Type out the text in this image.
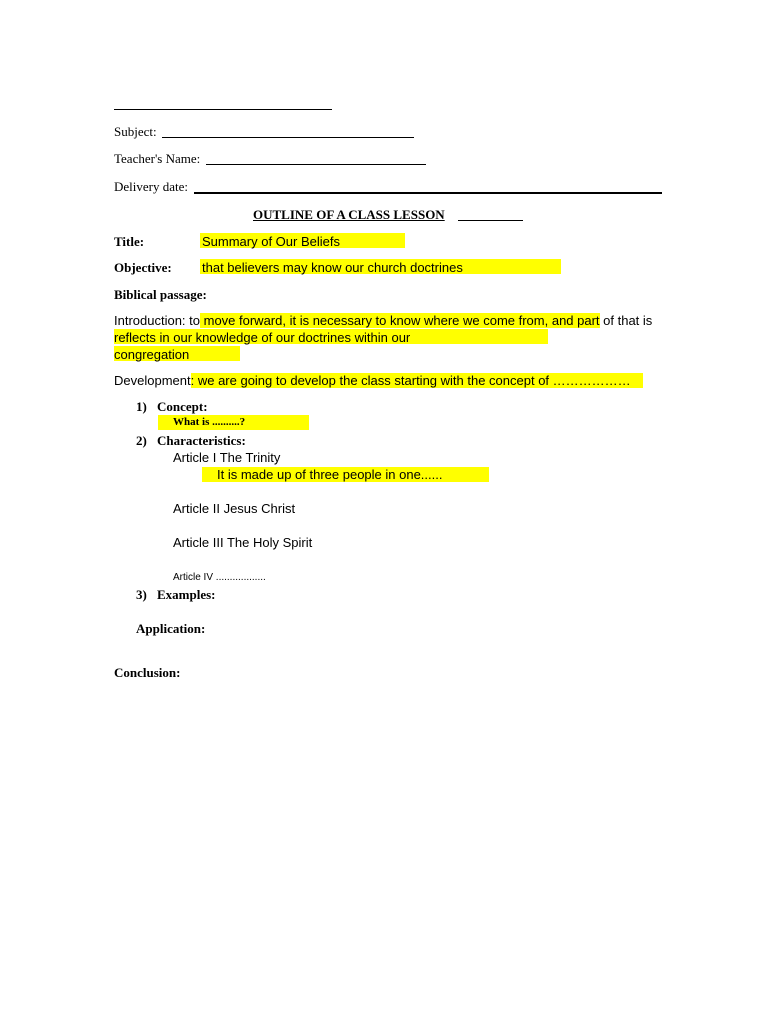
Subject:
Teacher's Name:
Delivery date:
OUTLINE OF A CLASS LESSON
Title:	Summary of Our Beliefs
Objective: that believers may know our church doctrines
Biblical passage:
Introduction: to move forward, it is necessary to know where we come from, and part of that is
reflects in our knowledge of our doctrines within our
congregation
Development: we are going to develop the class starting with the concept of ………………
1) Concept:
What is ..........?
2) Characteristics:
Article I The Trinity
It is made up of three people in one......
Article II Jesus Christ
Article III The Holy Spirit
Article IV ..................
3) Examples:
Application:
Conclusion:
